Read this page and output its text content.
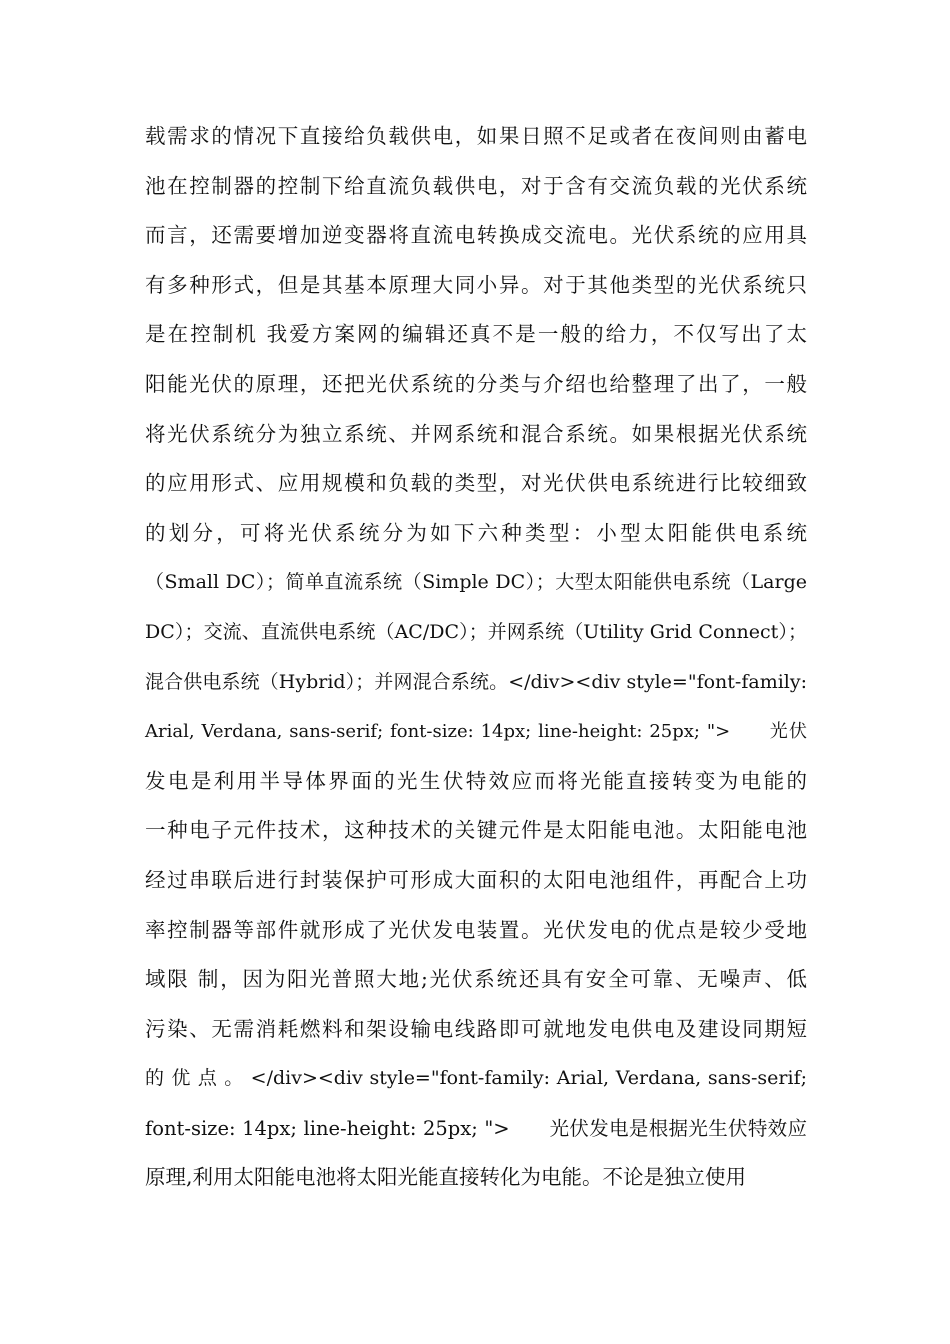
载需求的情况下直接给负载供电，如果日照不足或者在夜间则由蓄电
池在控制器的控制下给直流负载供电，对于含有交流负载的光伏系统
而言，还需要增加逆变器将直流电转换成交流电。光伏系统的应用具
有多种形式，但是其基本原理大同小异。对于其他类型的光伏系统只
是在控制机 我爱方案网的编辑还真不是一般的给力，不仅写出了太
阳能光伏的原理，还把光伏系统的分类与介绍也给整理了出了，一般
将光伏系统分为独立系统、并网系统和混合系统。如果根据光伏系统
的应用形式、应用规模和负载的类型，对光伏供电系统进行比较细致
的划分，可将光伏系统分为如下六种类型：小型太阳能供电系统
（Small DC）；简单直流系统（Simple DC）；大型太阳能供电系统（Large
DC）；交流、直流供电系统（AC/DC）；并网系统（Utility Grid Connect）；
混合供电系统（Hybrid）；并网混合系统。</div><div style="font-family:
Arial, Verdana, sans-serif; font-size: 14px; line-height: 25px; ">　　光伏
发电是利用半导体界面的光生伏特效应而将光能直接转变为电能的
一种电子元件技术，这种技术的关键元件是太阳能电池。太阳能电池
经过串联后进行封装保护可形成大面积的太阳电池组件，再配合上功
率控制器等部件就形成了光伏发电装置。光伏发电的优点是较少受地
域限 制，因为阳光普照大地;光伏系统还具有安全可靠、无噪声、低
污染、无需消耗燃料和架设输电线路即可就地发电供电及建设同期短
的 优 点 。 </div><div style="font-family: Arial, Verdana, sans-serif;
font-size: 14px; line-height: 25px; ">　　光伏发电是根据光生伏特效应
原理,利用太阳能电池将太阳光能直接转化为电能。不论是独立使用
